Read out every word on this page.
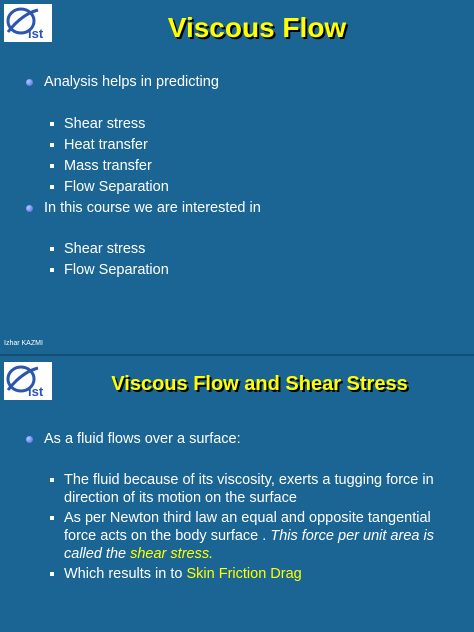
ist	Viscous Flow
Analysis helps in predicting
Shear stress
Heat transfer
Mass transfer
Flow Separation
In this course we are interested in
Shear stress
Flow Separation
Izhar KAZMI
ist	Viscous Flow and Shear Stress
As a fluid flows over a surface:
The fluid because of its viscosity, exerts a tugging force in direction of its motion on the surface
As per Newton third law an equal and opposite tangential force acts on the body surface . This force per unit area is called the shear stress.
Which results in to Skin Friction Drag
